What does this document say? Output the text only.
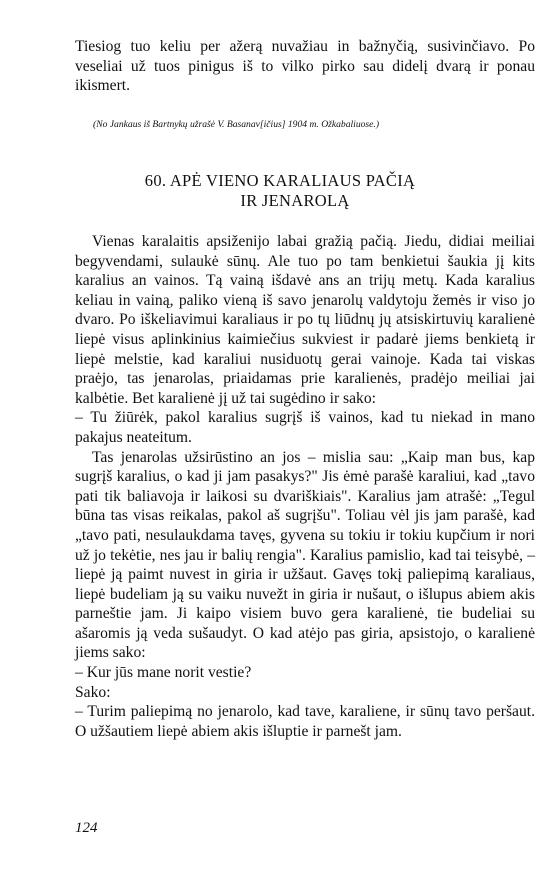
Tiesiog tuo keliu per ažerą nuvažiau in bažnyčią, susivinčiavo. Po veseliai už tuos pinigus iš to vilko pirko sau didelį dvarą ir ponau ikismert.

(No Jankaus iš Bartnykų užrašė V. Basanav[ičius] 1904 m. Ožkabaliuose.)

60. APĖ VIENO KARALIAUS PAČIĄ
IR JENAROLĄ

Vienas karalaitis apsiženijo labai gražią pačią. Jiedu, didiai meiliai begyvendami, sulaukė sūnų. Ale tuo po tam benkietui šaukia jį kits karalius an vainos. Tą vainą išdavė ans an trijų metų. Kada karalius keliau in vainą, paliko vieną iš savo jenarolų valdytoju žemės ir viso jo dvaro. Po iškeliavimui karaliaus ir po tų liūdnų jų atsiskirtuvių karalienė liepė visus aplinkinius kaimiečius sukviest ir padarė jiems benkietą ir liepė melstie, kad karaliui nusiduotų gerai vainoje. Kada tai viskas praėjo, tas jenarolas, priaidamas prie karalienės, pradėjo meiliai jai kalbėtie. Bet karalienė jį už tai sugėdino ir sako:

– Tu žiūrėk, pakol karalius sugrįš iš vainos, kad tu niekad in mano pakajus neateitum.

Tas jenarolas užsirūstino an jos – mislia sau: „Kaip man bus, kap sugrįš karalius, o kad ji jam pasakys?" Jis ėmė parašė karaliui, kad „tavo pati tik baliavoja ir laikosi su dvariškiais". Karalius jam atrašė: „Tegul būna tas visas reikalas, pakol aš sugrįšu". Toliau vėl jis jam parašė, kad „tavo pati, nesulaukdama tavęs, gyvena su tokiu ir tokiu kupčium ir nori už jo tekėtie, nes jau ir balių rengia". Karalius pamislio, kad tai teisybė, – liepė ją paimt nuvest in giria ir užšaut. Gavęs tokį paliepimą karaliaus, liepė budeliam ją su vaiku nuvežt in giria ir nušaut, o išlupus abiem akis parneštie jam. Ji kaipo visiem buvo gera karalienė, tie budeliai su ašaromis ją veda sušaudyt. O kad atėjo pas giria, apsistojo, o karalienė jiems sako:

– Kur jūs mane norit vestie?

Sako:

– Turim paliepimą no jenarolo, kad tave, karaliene, ir sūnų tavo peršaut. O užšautiem liepė abiem akis išluptie ir parnešt jam.

124
